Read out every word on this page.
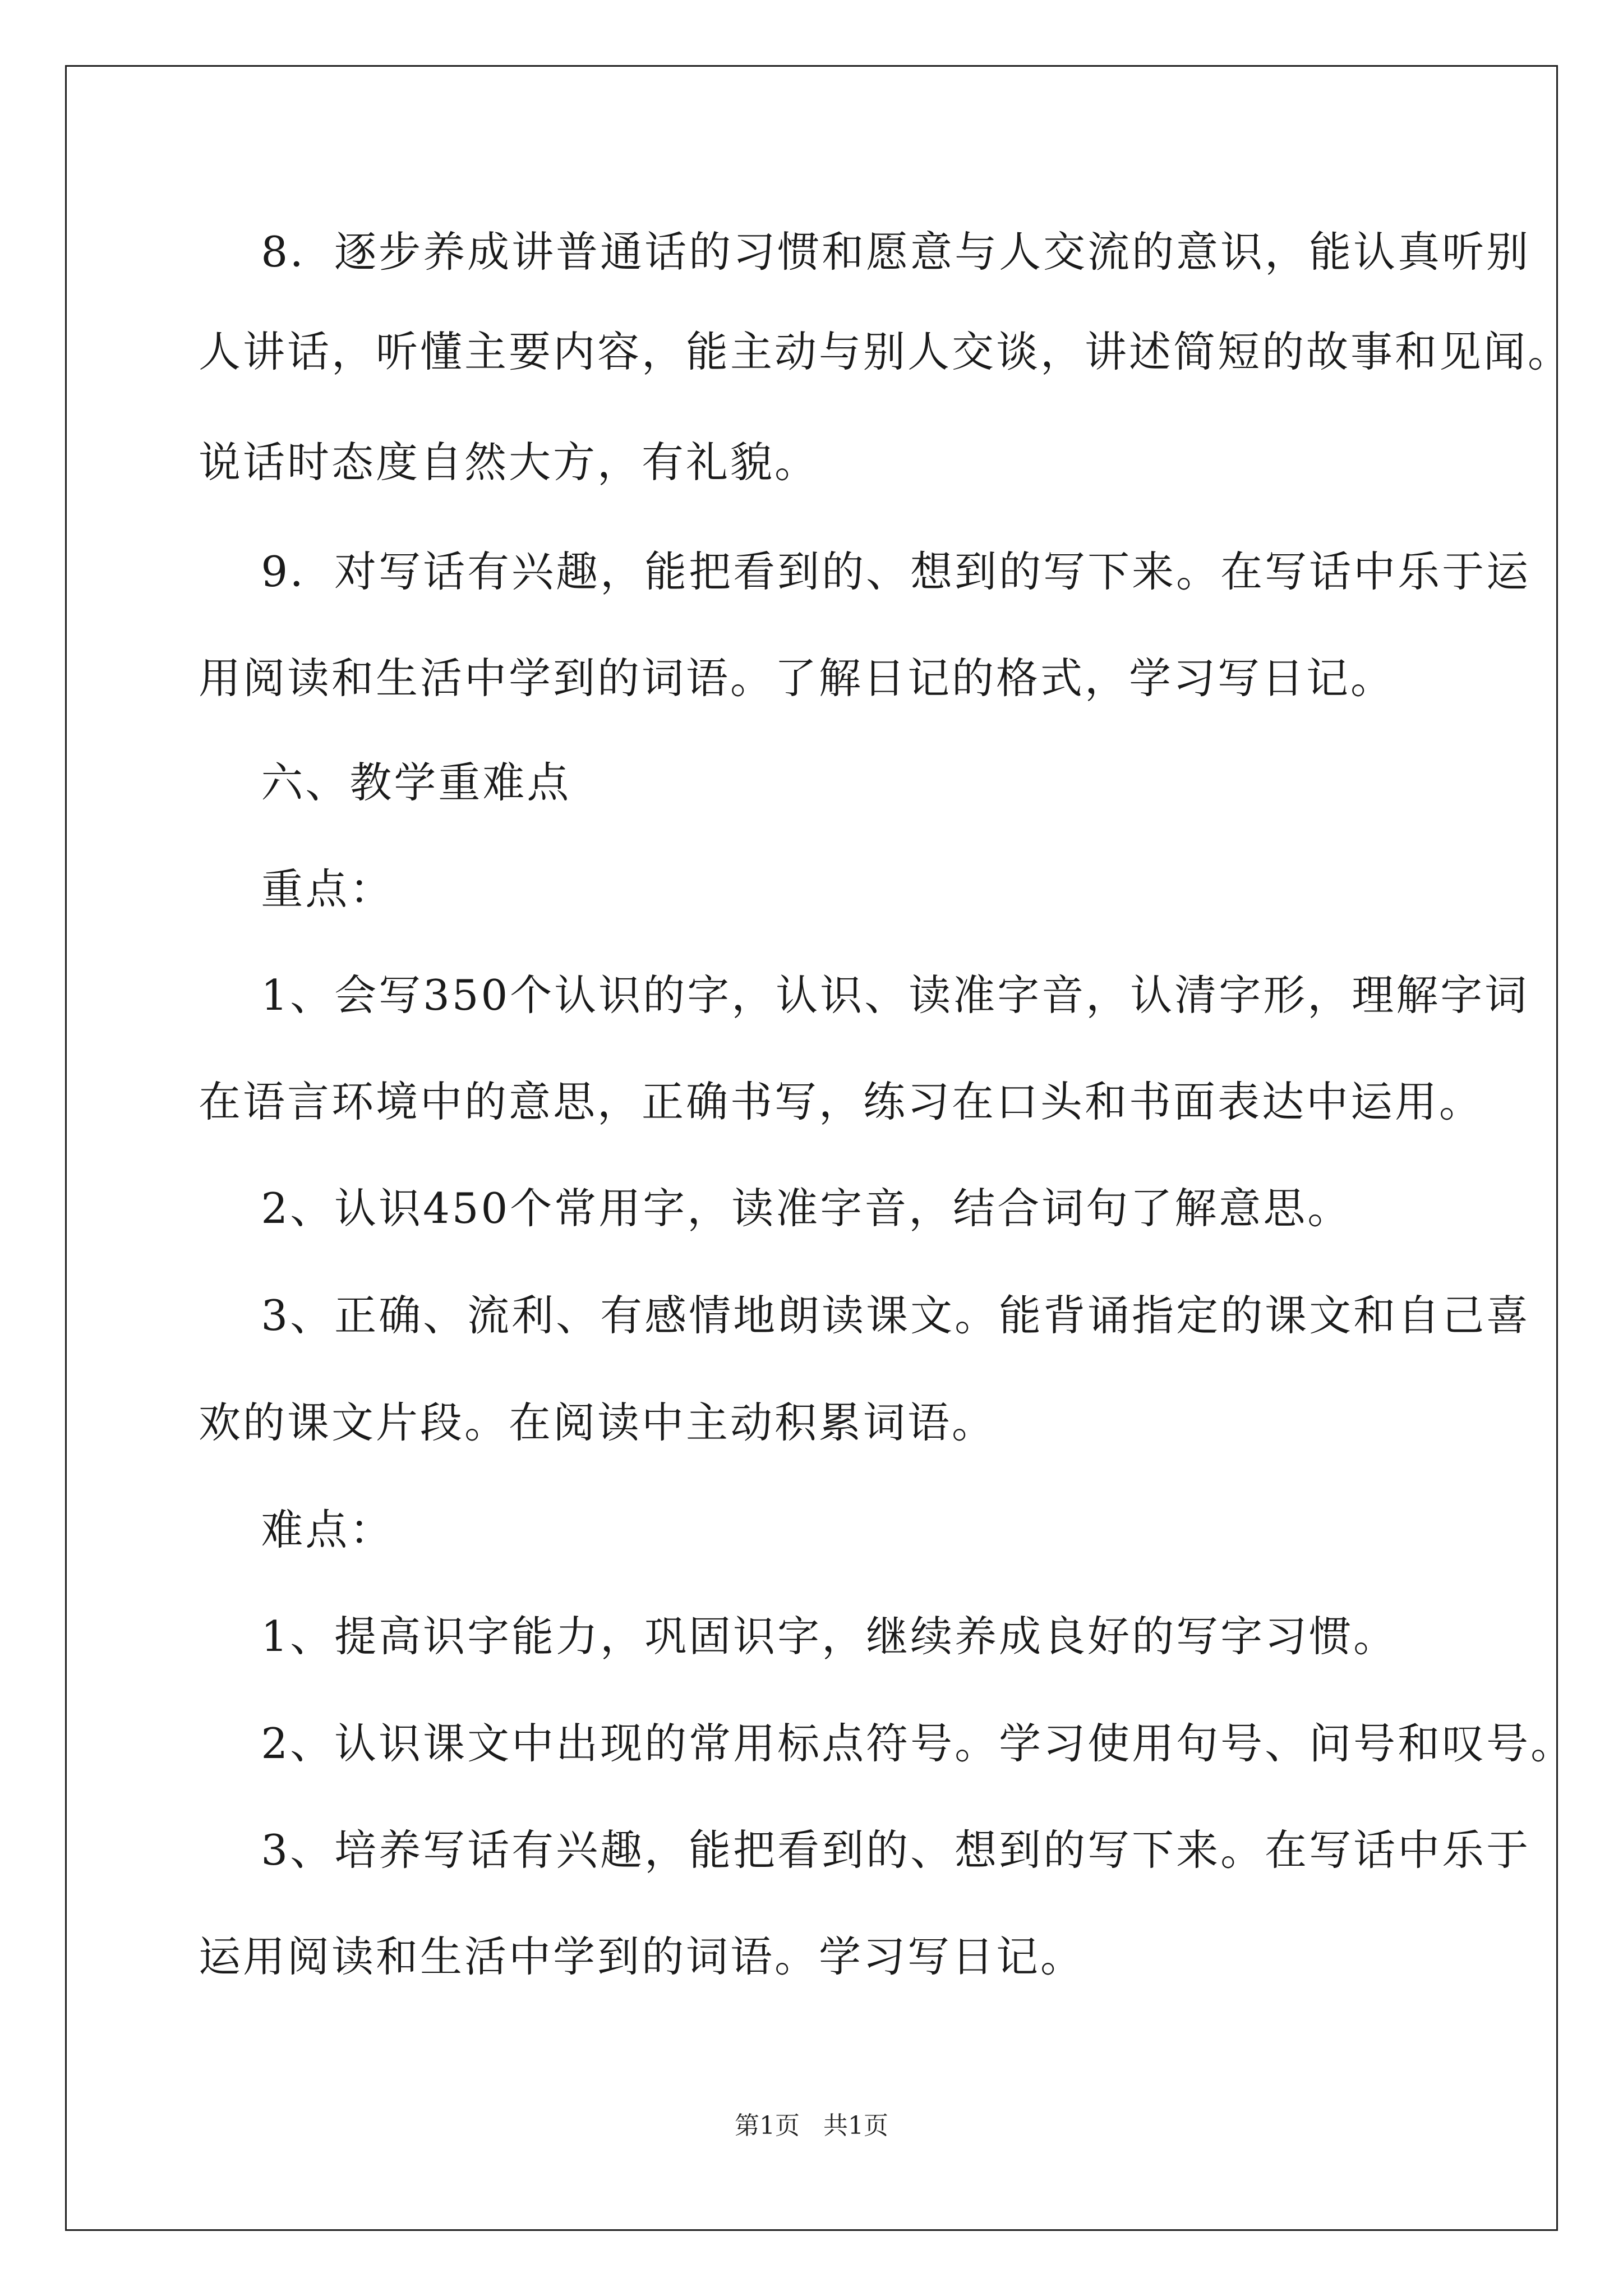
8．逐步养成讲普通话的习惯和愿意与人交流的意识，能认真听别
人讲话，听懂主要内容，能主动与别人交谈，讲述简短的故事和见闻。
说话时态度自然大方，有礼貌。
9．对写话有兴趣，能把看到的、想到的写下来。在写话中乐于运
用阅读和生活中学到的词语。了解日记的格式，学习写日记。
六、教学重难点
重点：
1、会写350个认识的字，认识、读准字音，认清字形，理解字词
在语言环境中的意思，正确书写，练习在口头和书面表达中运用。
2、认识450个常用字，读准字音，结合词句了解意思。
3、正确、流利、有感情地朗读课文。能背诵指定的课文和自己喜
欢的课文片段。在阅读中主动积累词语。
难点：
1、提高识字能力，巩固识字，继续养成良好的写字习惯。
2、认识课文中出现的常用标点符号。学习使用句号、问号和叹号。
3、培养写话有兴趣，能把看到的、想到的写下来。在写话中乐于
运用阅读和生活中学到的词语。学习写日记。
第1页   共1页
